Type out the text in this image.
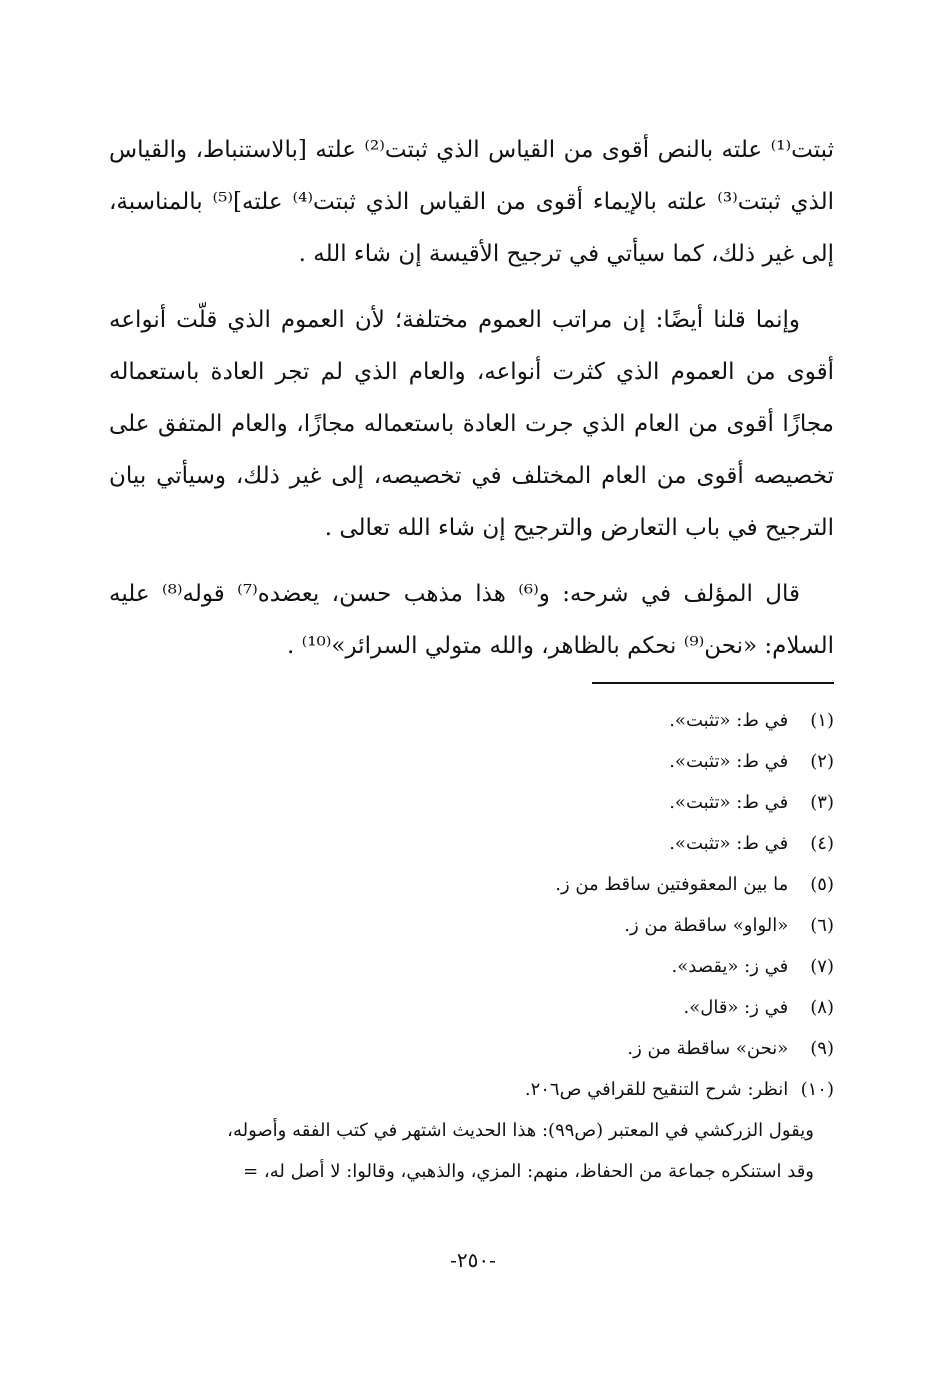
ثبتت⁽¹⁾ علته بالنص أقوى من القياس الذي ثبتت⁽²⁾ علته [بالاستنباط، والقياس الذي ثبتت⁽³⁾ علته بالإيماء أقوى من القياس الذي ثبتت⁽⁴⁾ علته]⁽⁵⁾ بالمناسبة، إلى غير ذلك، كما سيأتي في ترجيح الأقيسة إن شاء الله .

وإنما قلنا أيضًا: إن مراتب العموم مختلفة؛ لأن العموم الذي قلّت أنواعه أقوى من العموم الذي كثرت أنواعه، والعام الذي لم تجر العادة باستعماله مجازًا أقوى من العام الذي جرت العادة باستعماله مجازًا، والعام المتفق على تخصيصه أقوى من العام المختلف في تخصيصه، إلى غير ذلك، وسيأتي بيان الترجيح في باب التعارض والترجيح إن شاء الله تعالى .

قال المؤلف في شرحه: و⁽⁶⁾ هذا مذهب حسن، يعضده⁽⁷⁾ قوله⁽⁸⁾ عليه السلام: «نحن⁽⁹⁾ نحكم بالظاهر، والله متولي السرائر»⁽¹⁰⁾ .

(١) في ط: «تثبت».
(٢) في ط: «تثبت».
(٣) في ط: «تثبت».
(٤) في ط: «تثبت».
(٥) ما بين المعقوفتين ساقط من ز.
(٦) «الواو» ساقطة من ز.
(٧) في ز: «يقصد».
(٨) في ز: «قال».
(٩) «نحن» ساقطة من ز.
(١٠) انظر: شرح التنقيح للقرافي ص٢٠٦.
ويقول الزركشي في المعتبر (ص٩٩): هذا الحديث اشتهر في كتب الفقه وأصوله،
وقد استنكره جماعة من الحفاظ، منهم: المزي، والذهبي، وقالوا: لا أصل له، =
-٢٥٠-
